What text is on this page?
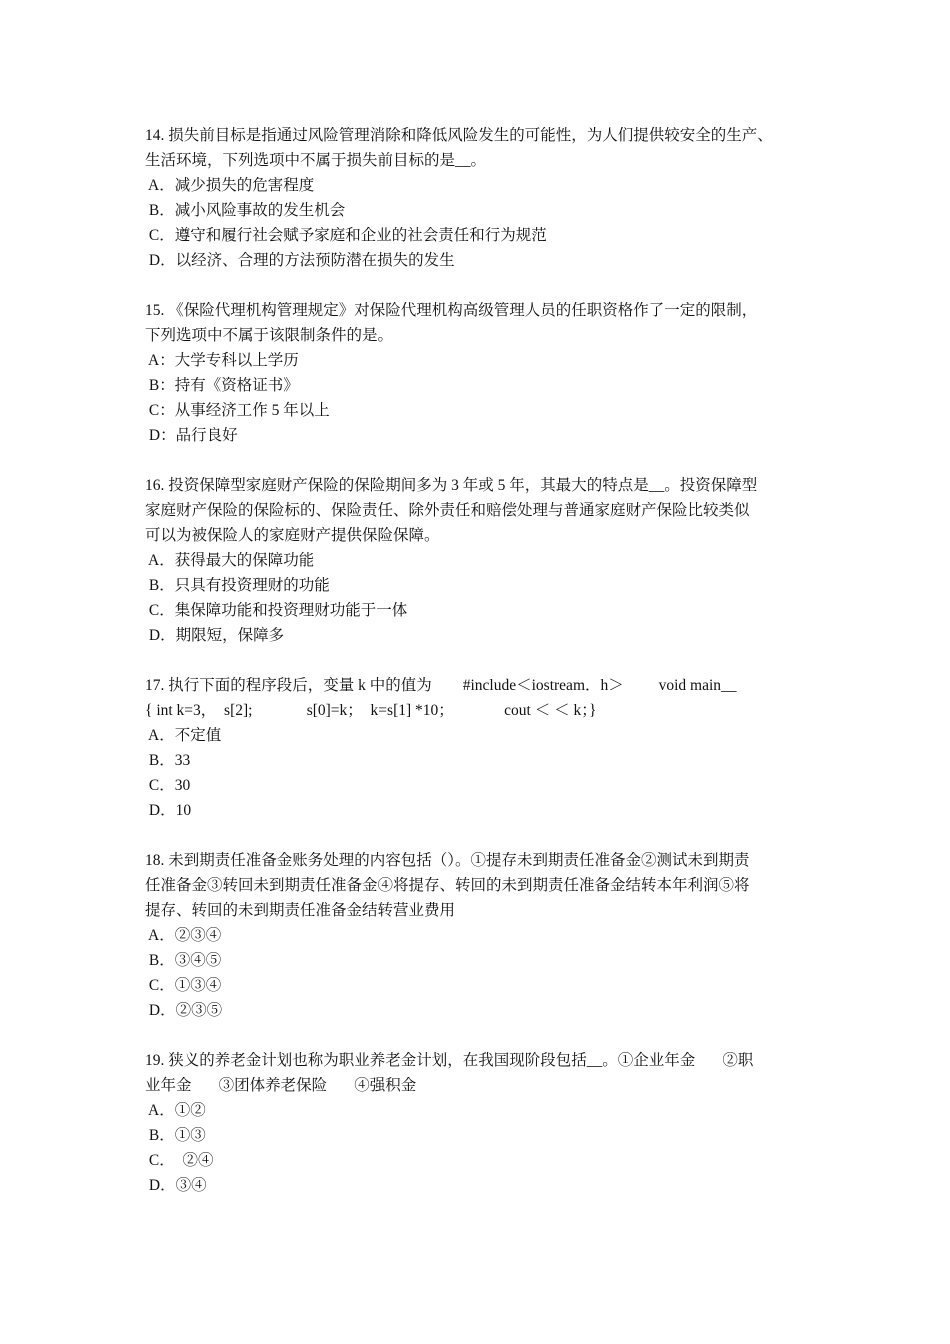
14. 损失前目标是指通过风险管理消除和降低风险发生的可能性，为人们提供较安全的生产、

生活环境，下列选项中不属于损失前目标的是__。

A．减少损失的危害程度
B．减小风险事故的发生机会
C．遵守和履行社会赋予家庭和企业的社会责任和行为规范
D．以经济、合理的方法预防潜在损失的发生

15. 《保险代理机构管理规定》对保险代理机构高级管理人员的任职资格作了一定的限制，

下列选项中不属于该限制条件的是。

A：大学专科以上学历
B：持有《资格证书》
C：从事经济工作 5 年以上
D：品行良好

16. 投资保障型家庭财产保险的保险期间多为 3 年或 5 年，其最大的特点是__。投资保障型

家庭财产保险的保险标的、保险责任、除外责任和赔偿处理与普通家庭财产保险比较类似

可以为被保险人的家庭财产提供保险保障。

A．获得最大的保障功能
B．只具有投资理财的功能
C．集保障功能和投资理财功能于一体
D．期限短，保障多

17. 执行下面的程序段后，变量 k 中的值为        #include＜iostream．h＞         void main__

{ int k=3，  s[2];              s[0]=k；  k=s[1] *10；             cout ＜ ＜ k；}

A．不定值
B．33
C．30
D．10

18. 未到期责任准备金账务处理的内容包括（）。①提存未到期责任准备金②测试未到期责

任准备金③转回未到期责任准备金④将提存、转回的未到期责任准备金结转本年利润⑤将

提存、转回的未到期责任准备金结转营业费用

A．②③④
B．③④⑤
C．①③④
D．②③⑤

19. 狭义的养老金计划也称为职业养老金计划，在我国现阶段包括__。①企业年金       ②职

业年金       ③团体养老保险       ④强积金

A．①②
B．①③
C．  ②④
D．③④
